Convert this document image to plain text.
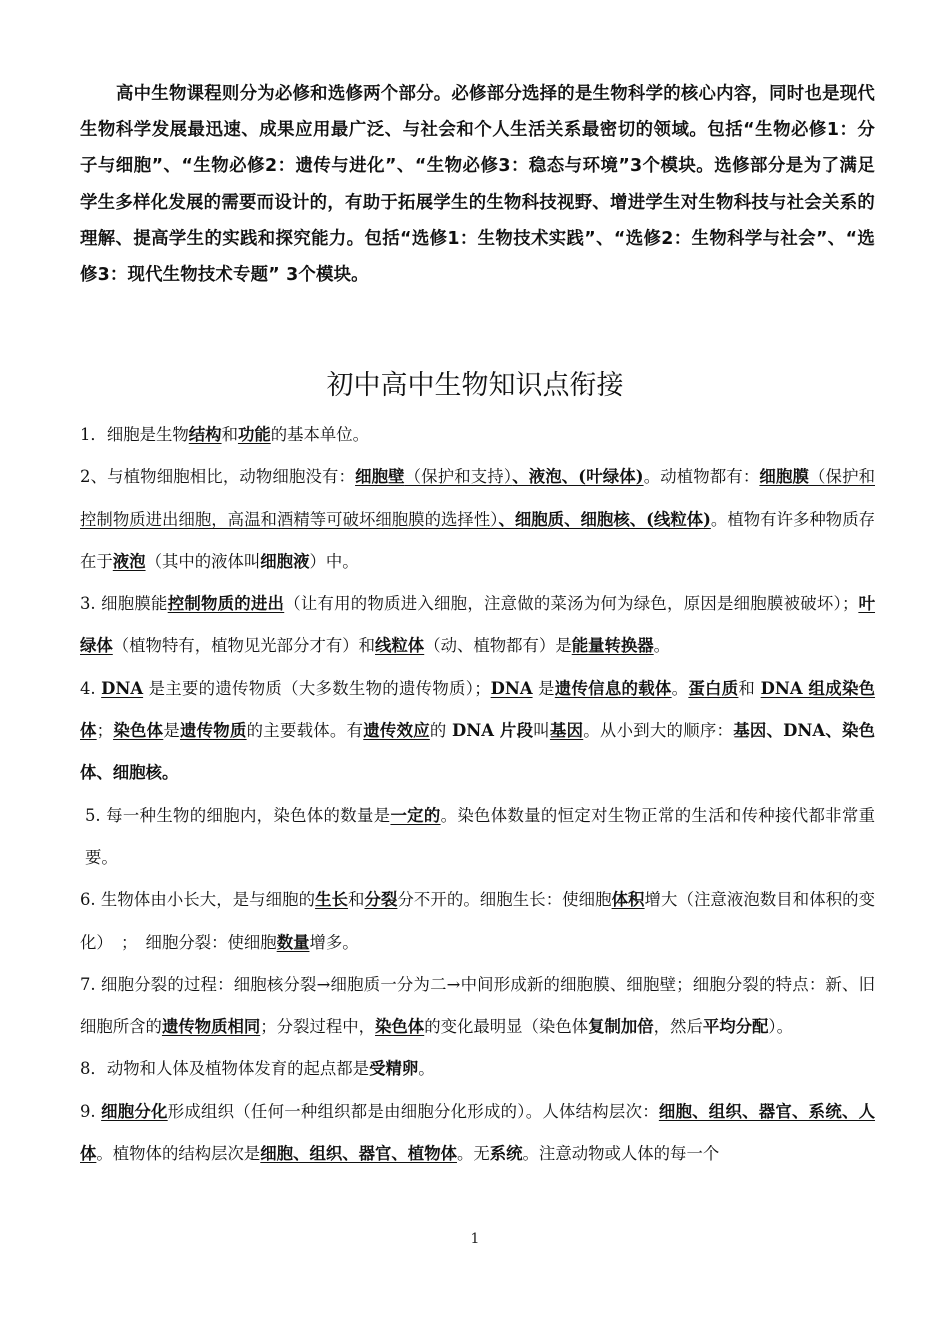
高中生物课程则分为必修和选修两个部分。必修部分选择的是生物科学的核心内容，同时也是现代生物科学发展最迅速、成果应用最广泛、与社会和个人生活关系最密切的领域。包括“生物必修1：分子与细胞”、“生物必修2：遗传与进化”、“生物必修3：稳态与环境”3个模块。选修部分是为了满足学生多样化发展的需要而设计的，有助于拓展学生的生物科技视野、增进学生对生物科技与社会关系的理解、提高学生的实践和探究能力。包括“选修1：生物技术实践”、“选修2：生物科学与社会”、“选修3：现代生物技术专题” 3个模块。
初中高中生物知识点衔接

1．细胞是生物结构和功能的基本单位。

2、与植物细胞相比，动物细胞没有：细胞壁（保护和支持）、液泡、(叶绿体)。动植物都有：细胞膜（保护和控制物质进出细胞，高温和酒精等可破坏细胞膜的选择性）、细胞质、细胞核、(线粒体)。植物有许多种物质存在于液泡（其中的液体叫细胞液）中。

3. 细胞膜能控制物质的进出（让有用的物质进入细胞，注意做的菜汤为何为绿色，原因是细胞膜被破坏）；叶绿体（植物特有，植物见光部分才有）和线粒体（动、植物都有）是能量转换器。

4. DNA 是主要的遗传物质（大多数生物的遗传物质）；DNA 是遗传信息的载体。蛋白质和 DNA 组成染色体；染色体是遗传物质的主要载体。有遗传效应的 DNA 片段叫基因。从小到大的顺序：基因、DNA、染色体、细胞核。

5. 每一种生物的细胞内，染色体的数量是一定的。染色体数量的恒定对生物正常的生活和传种接代都非常重要。

6. 生物体由小长大，是与细胞的生长和分裂分不开的。细胞生长：使细胞体积增大（注意液泡数目和体积的变化）　；　细胞分裂：使细胞数量增多。

7. 细胞分裂的过程：细胞核分裂→细胞质一分为二→中间形成新的细胞膜、细胞壁；细胞分裂的特点：新、旧细胞所含的遗传物质相同；分裂过程中，染色体的变化最明显（染色体复制加倍，然后平均分配）。

8．动物和人体及植物体发育的起点都是受精卵。

9. 细胞分化形成组织（任何一种组织都是由细胞分化形成的）。人体结构层次：细胞、组织、器官、系统、人体。植物体的结构层次是细胞、组织、器官、植物体。无系统。注意动物或人体的每一个

1
